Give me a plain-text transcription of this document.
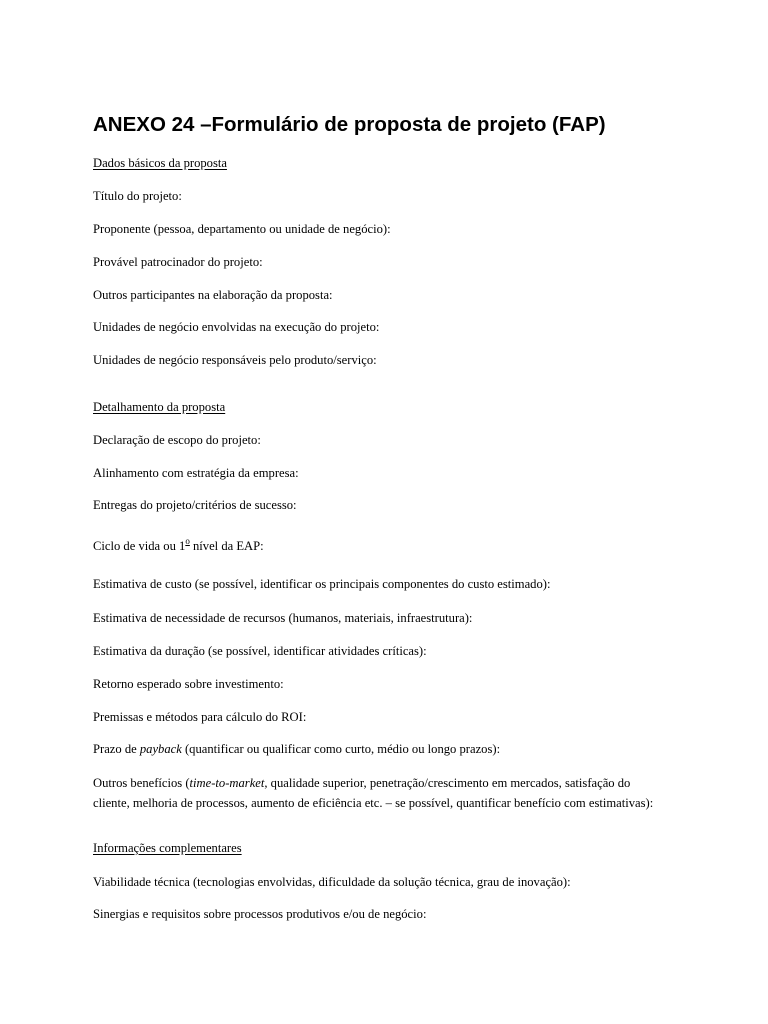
ANEXO 24 –Formulário de proposta de projeto (FAP)

Dados básicos da proposta

Título do projeto:

Proponente (pessoa, departamento ou unidade de negócio):

Provável patrocinador do projeto:

Outros participantes na elaboração da proposta:

Unidades de negócio envolvidas na execução do projeto:

Unidades de negócio responsáveis pelo produto/serviço:

Detalhamento da proposta

Declaração de escopo do projeto:

Alinhamento com estratégia da empresa:

Entregas do projeto/critérios de sucesso:

Ciclo de vida ou 1$^o$ nível da EAP:

Estimativa de custo (se possível, identificar os principais componentes do custo estimado):

Estimativa de necessidade de recursos (humanos, materiais, infraestrutura):

Estimativa da duração (se possível, identificar atividades críticas):

Retorno esperado sobre investimento:

Premissas e métodos para cálculo do ROI:

Prazo de payback (quantificar ou qualificar como curto, médio ou longo prazos):

Outros benefícios (time-to-market, qualidade superior, penetração/crescimento em mercados, satisfação do
cliente, melhoria de processos, aumento de eficiência etc. – se possível, quantificar benefício com estimativas):

Informações complementares

Viabilidade técnica (tecnologias envolvidas, dificuldade da solução técnica, grau de inovação):

Sinergias e requisitos sobre processos produtivos e/ou de negócio:
